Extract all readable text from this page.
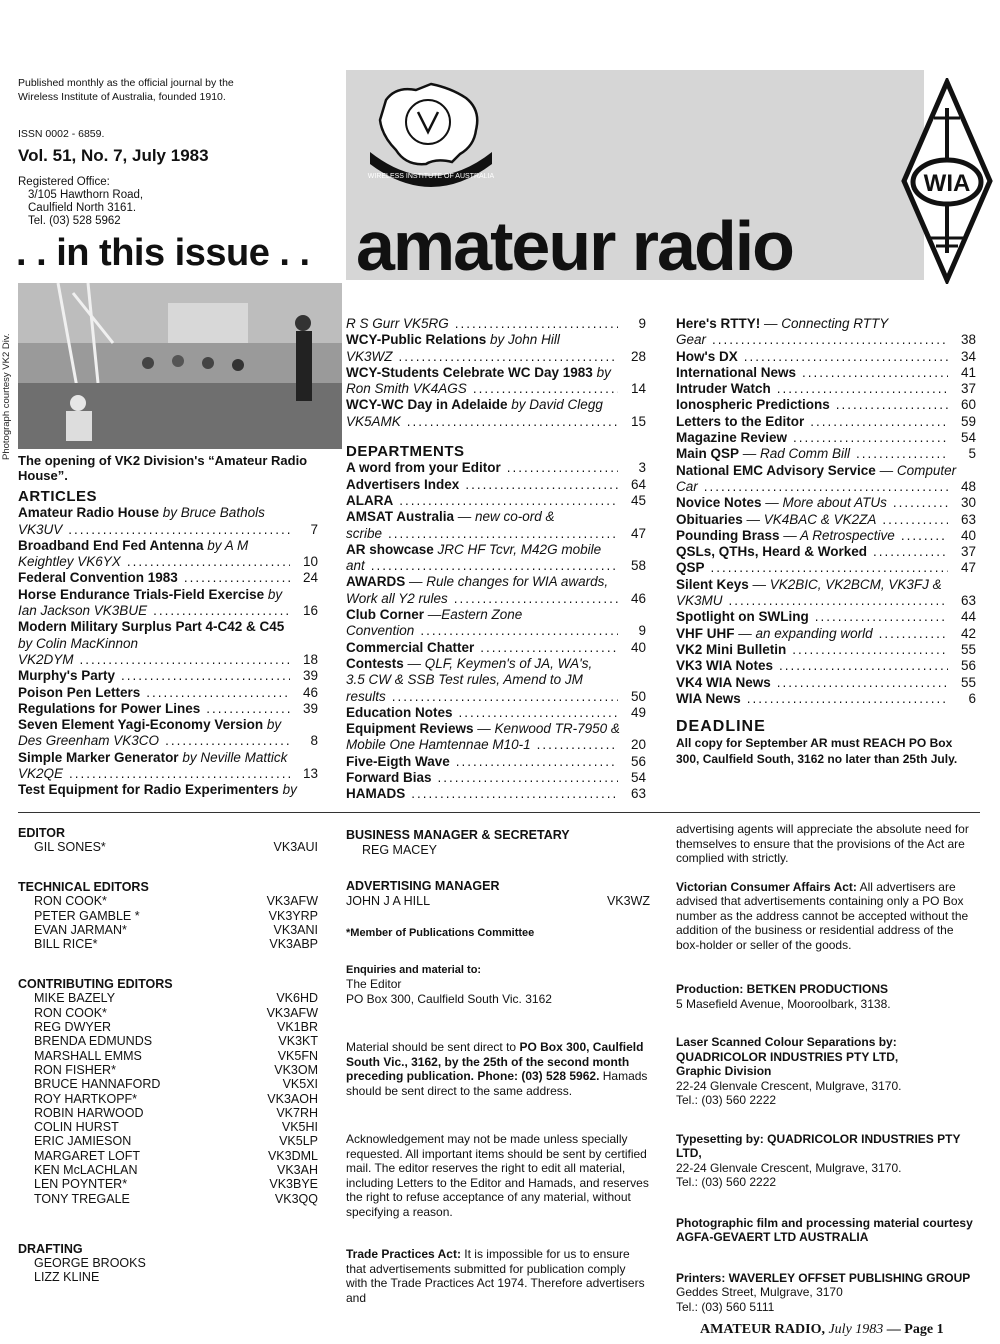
Published monthly as the official journal by the Wireless Institute of Australia, founded 1910.
ISSN 0002 - 6859.
Vol. 51, No. 7, July 1983
Registered Office:
3/105 Hawthorn Road,
Caulfield North 3161.
Tel. (03) 528 5962
. . in this issue . .
WIRELESS INSTITUTE OF AUSTRALIA
amateur radio
WIA
Photograph courtesy VK2 Div.
The opening of VK2 Division's “Amateur Radio House”.
ARTICLES
Amateur Radio House by Bruce Bathols
VK3UV .....	7
Broadband End Fed Antenna by A M
Keightley VK6YX .....	10
Federal Convention 1983 .....	24
Horse Endurance Trials-Field Exercise by
Ian Jackson VK3BUE .....	16
Modern Military Surplus Part 4-C42 & C45
by Colin MacKinnon
VK2DYM .....	18
Murphy's Party .....	39
Poison Pen Letters .....	46
Regulations for Power Lines .....	39
Seven Element Yagi-Economy Version by
Des Greenham VK3CO .....	8
Simple Marker Generator by Neville Mattick
VK2QE .....	13
Test Equipment for Radio Experimenters by
R S Gurr VK5RG .....	9
WCY-Public Relations by John Hill
VK3WZ .....	28
WCY-Students Celebrate WC Day 1983 by
Ron Smith VK4AGS .....	14
WCY-WC Day in Adelaide by David Clegg
VK5AMK .....	15
DEPARTMENTS
A word from your Editor .....	3
Advertisers Index .....	64
ALARA .....	45
AMSAT Australia — new co-ord &
scribe .....	47
AR showcase JRC HF Tcvr, M42G mobile
ant .....	58
AWARDS — Rule changes for WIA awards,
Work all Y2 rules .....	46
Club Corner —Eastern Zone
Convention .....	9
Commercial Chatter .....	40
Contests — QLF, Keymen's of JA, WA's,
3.5 CW & SSB Test rules, Amend to JM
results .....	50
Education Notes .....	49
Equipment Reviews — Kenwood TR-7950 &
Mobile One Hamtennae M10-1 .....	20
Five-Eigth Wave .....	56
Forward Bias .....	54
HAMADS .....	63
Here's RTTY! — Connecting RTTY
Gear .....	38
How's DX .....	34
International News .....	41
Intruder Watch .....	37
Ionospheric Predictions .....	60
Letters to the Editor .....	59
Magazine Review .....	54
Main QSP — Rad Comm Bill .....	5
National EMC Advisory Service — Computer
Car .....	48
Novice Notes — More about ATUs .....	30
Obituaries — VK4BAC & VK2ZA .....	63
Pounding Brass — A Retrospective .....	40
QSLs, QTHs, Heard & Worked .....	37
QSP .....	47
Silent Keys — VK2BIC, VK2BCM, VK3FJ &
VK3MU .....	63
Spotlight on SWLing .....	44
VHF UHF — an expanding world .....	42
VK2 Mini Bulletin .....	55
VK3 WIA Notes .....	56
VK4 WIA News .....	55
WIA News .....	6
DEADLINE
All copy for September AR must REACH PO Box 300, Caulfield South, 3162 no later than 25th July.
EDITOR
GIL SONES*	VK3AUI
TECHNICAL EDITORS
RON COOK*	VK3AFW
PETER GAMBLE *	VK3YRP
EVAN JARMAN*	VK3ANI
BILL RICE*	VK3ABP
CONTRIBUTING EDITORS
MIKE BAZELY	VK6HD
RON COOK*	VK3AFW
REG DWYER	VK1BR
BRENDA EDMUNDS	VK3KT
MARSHALL EMMS	VK5FN
RON FISHER*	VK3OM
BRUCE HANNAFORD	VK5XI
ROY HARTKOPF*	VK3AOH
ROBIN HARWOOD	VK7RH
COLIN HURST	VK5HI
ERIC JAMIESON	VK5LP
MARGARET LOFT	VK3DML
KEN McLACHLAN	VK3AH
LEN POYNTER*	VK3BYE
TONY TREGALE	VK3QQ
DRAFTING
GEORGE BROOKS
LIZZ KLINE
BUSINESS MANAGER & SECRETARY
REG MACEY
ADVERTISING MANAGER
JOHN J A HILL	VK3WZ
*Member of Publications Committee
Enquiries and material to:
The Editor
PO Box 300, Caulfield South Vic. 3162
Material should be sent direct to PO Box 300, Caulfield South Vic., 3162, by the 25th of the second month preceding publication. Phone: (03) 528 5962. Hamads should be sent direct to the same address.
Acknowledgement may not be made unless specially requested. All important items should be sent by certified mail. The editor reserves the right to edit all material, including Letters to the Editor and Hamads, and reserves the right to refuse acceptance of any material, without specifying a reason.
Trade Practices Act: It is impossible for us to ensure that advertisements submitted for publication comply with the Trade Practices Act 1974. Therefore advertisers and
advertising agents will appreciate the absolute need for themselves to ensure that the provisions of the Act are complied with strictly.
Victorian Consumer Affairs Act: All advertisers are advised that advertisements containing only a PO Box number as the address cannot be accepted without the addition of the business or residential address of the box-holder or seller of the goods.
Production: BETKEN PRODUCTIONS
5 Masefield Avenue, Mooroolbark, 3138.
Laser Scanned Colour Separations by:
QUADRICOLOR INDUSTRIES PTY LTD,
Graphic Division
22-24 Glenvale Crescent, Mulgrave, 3170.
Tel.: (03) 560 2222
Typesetting by: QUADRICOLOR INDUSTRIES PTY LTD,
22-24 Glenvale Crescent, Mulgrave, 3170.
Tel.: (03) 560 2222
Photographic film and processing material courtesy
AGFA-GEVAERT LTD AUSTRALIA
Printers: WAVERLEY OFFSET PUBLISHING GROUP
Geddes Street, Mulgrave, 3170
Tel.: (03) 560 5111
AMATEUR RADIO, July 1983 — Page 1
